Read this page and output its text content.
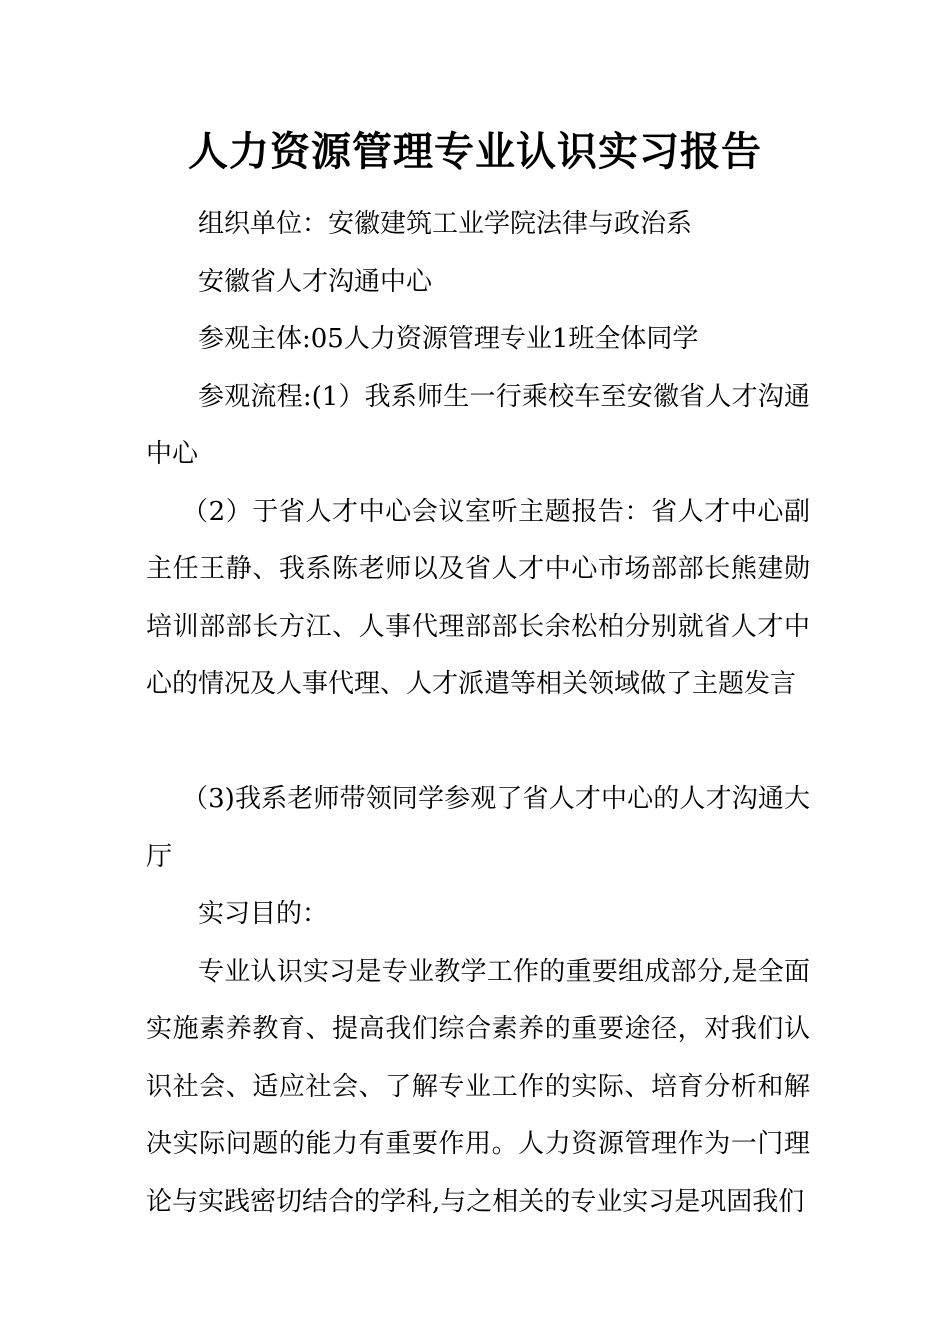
人力资源管理专业认识实习报告

组织单位：安徽建筑工业学院法律与政治系

安徽省人才沟通中心

参观主体:05人力资源管理专业1班全体同学

参观流程:(1）我系师生一行乘校车至安徽省人才沟通中心

（2）于省人才中心会议室听主题报告：省人才中心副主任王静、我系陈老师以及省人才中心市场部部长熊建勋培训部部长方江、人事代理部部长余松柏分别就省人才中心的情况及人事代理、人才派遣等相关领域做了主题发言

（3)我系老师带领同学参观了省人才中心的人才沟通大厅

实习目的：

专业认识实习是专业教学工作的重要组成部分,是全面实施素养教育、提高我们综合素养的重要途径，对我们认识社会、适应社会、了解专业工作的实际、培育分析和解决实际问题的能力有重要作用。人力资源管理作为一门理论与实践密切结合的学科,与之相关的专业实习是巩固我们
